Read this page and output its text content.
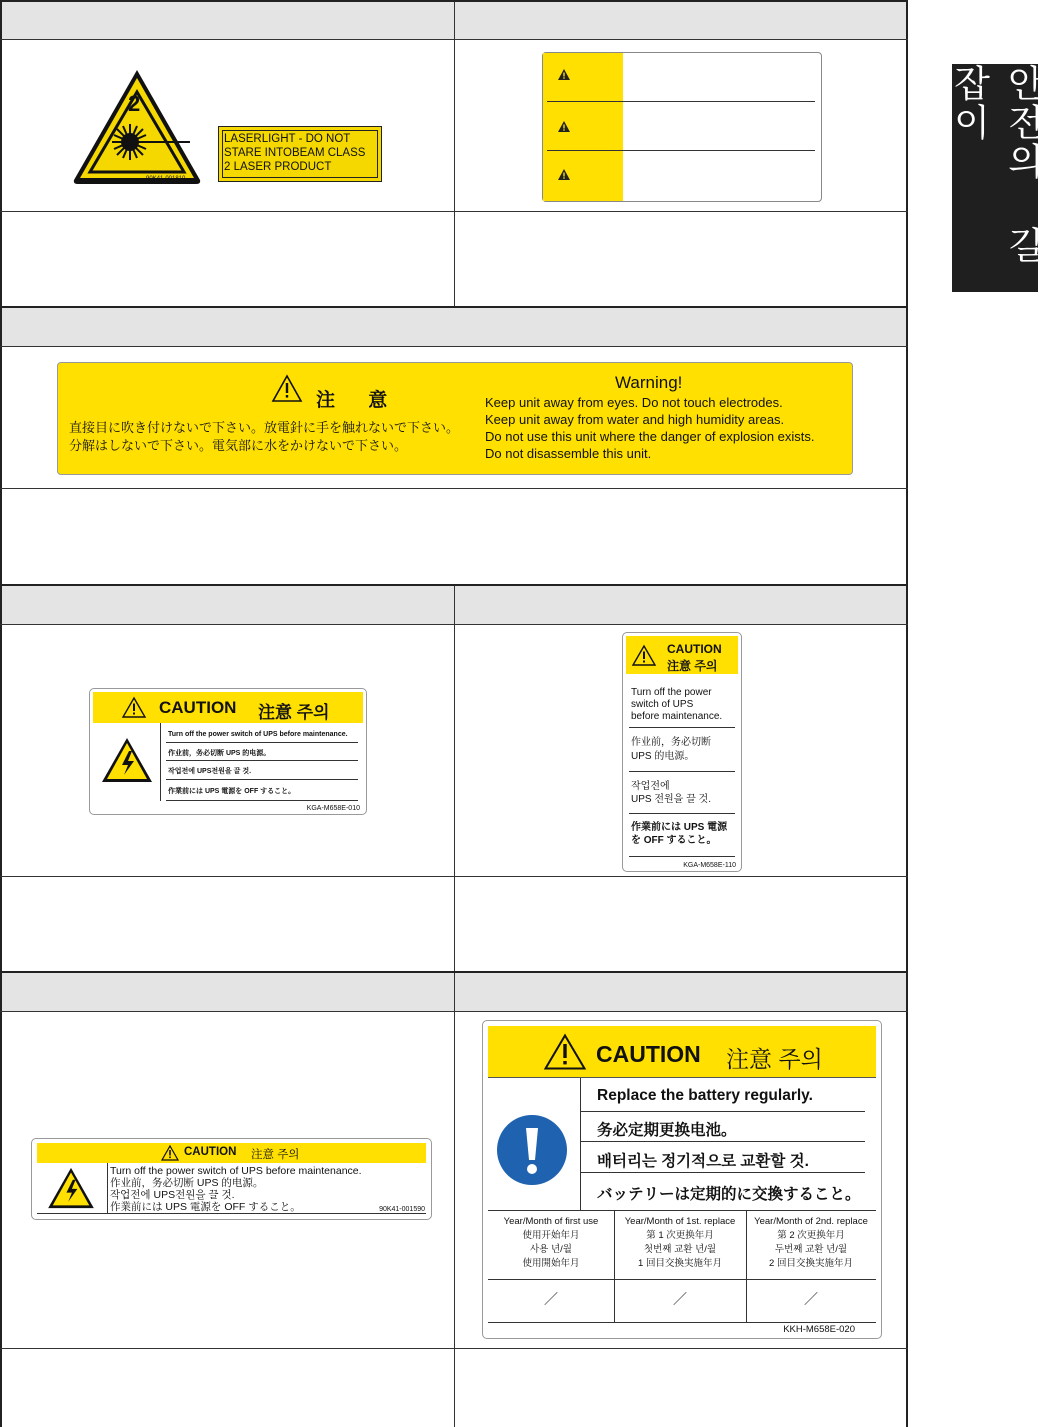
안전의 길잡이
2
90K41-001810
LASERLIGHT - DO NOT
STARE INTOBEAM CLASS
2 LASER PRODUCT
注 意
直接目に吹き付けないで下さい。放電針に手を触れないで下さい。
分解はしないで下さい。電気部に水をかけないで下さい。
Warning!
Keep unit away from eyes. Do not touch electrodes.
Keep unit away from water and high humidity areas.
Do not use this unit where the danger of explosion exists.
Do not disassemble this unit.
CAUTION 注意 주의
Turn off the power switch of UPS before maintenance.
作业前，务必切断 UPS 的电源。
작업전에 UPS전원을 끌 것.
作業前には UPS 電源を OFF すること。
KGA-M658E-010
CAUTION
注意 주의
Turn off the power
switch of UPS
before maintenance.
作业前，务必切断
UPS 的电源。
작업전에
UPS 전원을 끌 것.
作業前には UPS 電源
を OFF すること。
KGA-M658E-110
CAUTION 注意 주의
Turn off the power switch of UPS before maintenance.
作业前，务必切断 UPS 的电源。
작업전에 UPS전원을 끌 것.
作業前には UPS 電源を OFF すること。	90K41-001590
CAUTION 注意 주의
Replace the battery regularly.
务必定期更换电池。
배터리는 정기적으로 교환할 것.
バッテリーは定期的に交換すること。
Year/Month of first use
使用开始年月
사용 년/월
使用開始年月
／
Year/Month of 1st. replace
第 1 次更换年月
첫번째 교환 년/월
1 回目交換実施年月
／
Year/Month of 2nd. replace
第 2 次更换年月
두번째 교환 년/월
2 回目交換実施年月
／
KKH-M658E-020
